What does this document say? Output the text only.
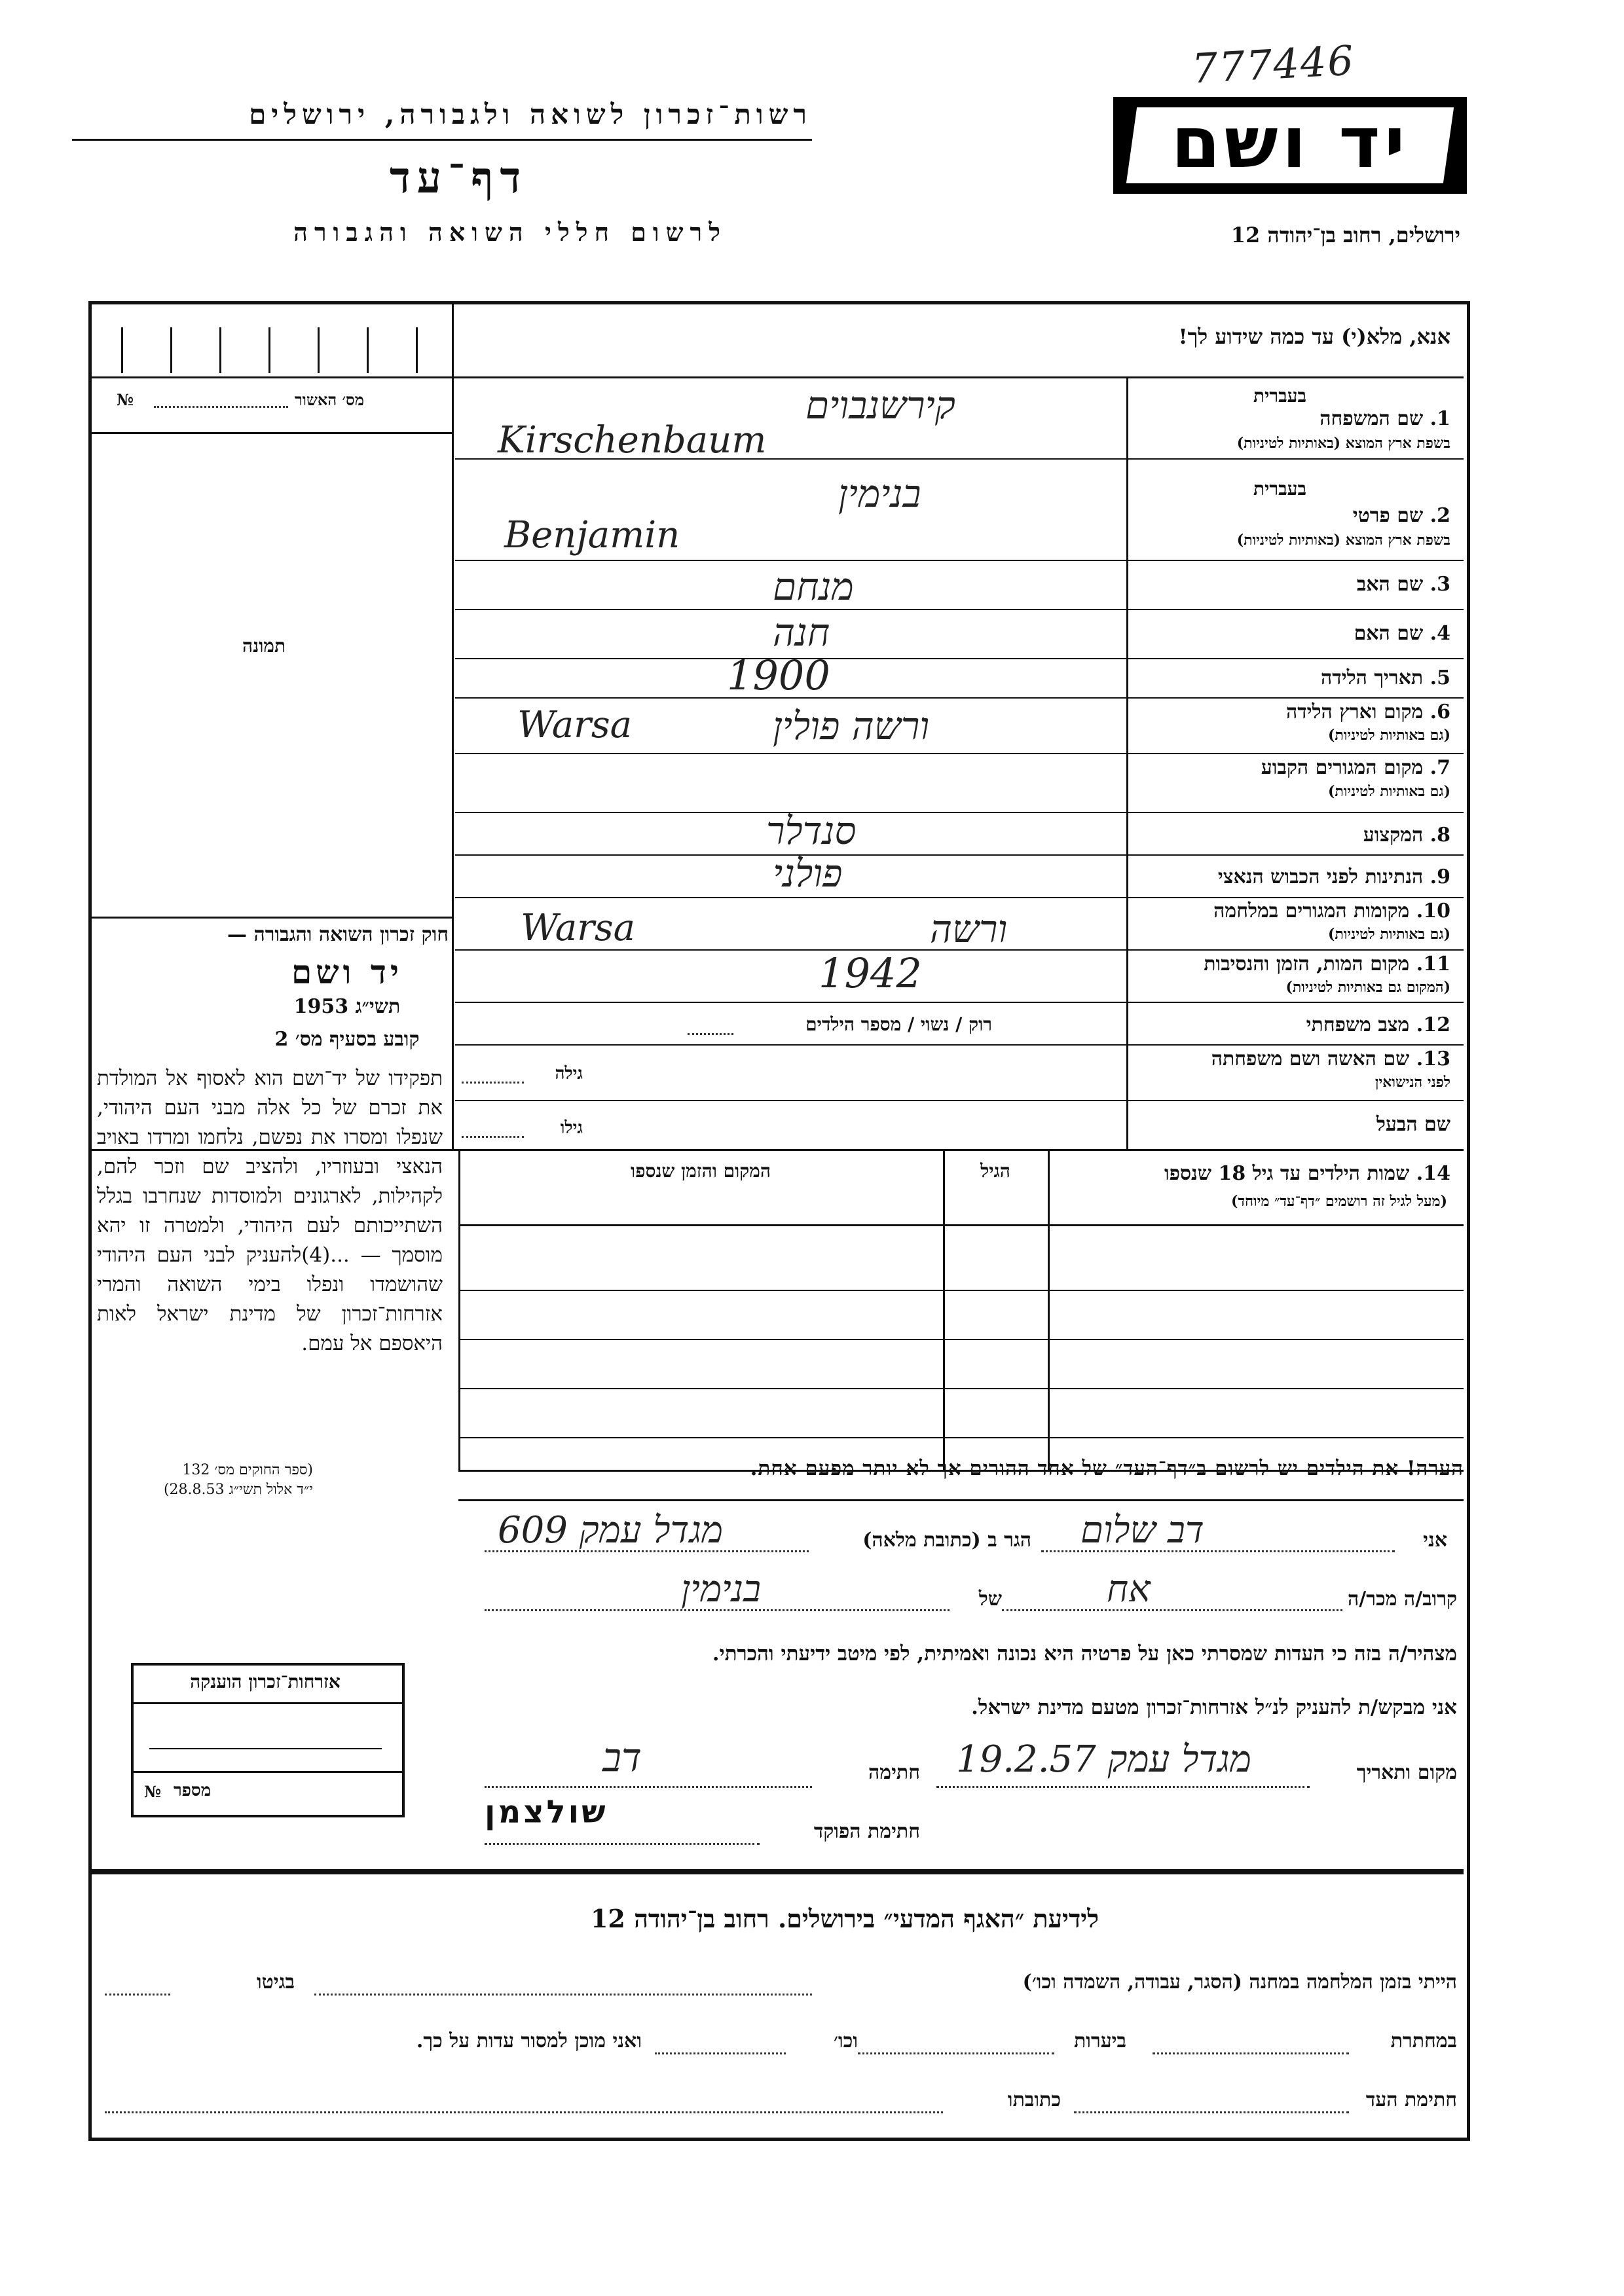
777446
רשות־זכרון לשואה ולגבורה, ירושלים
דף־עד
לרשום חללי השואה והגבורה
יד ושם
ירושלים, רחוב בן־יהודה 12
אנא, מלא(י) עד כמה שידוע לך!
מס׳ האשור
№
תמונה
חוק זכרון השואה והגבורה —
יד ושם
תשי״ג 1953
קובע בסעיף מס׳ 2
תפקידו של יד־ושם הוא לאסוף אל המולדת את זכרם של כל אלה מבני העם היהודי, שנפלו ומסרו את נפשם, נלחמו ומרדו באויב הנאצי ובעוזריו, ולהציב שם וזכר להם, לקהילות, לארגונים ולמוסדות שנחרבו בגלל השתייכותם לעם היהודי, ולמטרה זו יהא מוסמך — ...(4)להעניק לבני העם היהודי שהושמדו ונפלו בימי השואה והמרי אזרחות־זכרון של מדינת ישראל לאות היאספם אל עמם.
(ספר החוקים מס׳ 132
י״ד אלול תשי״ג 28.8.53)
אזרחות־זכרון הוענקה
№ מספר
בעברית
1. שם המשפחה
בשפת ארץ המוצא (באותיות לטיניות)
קירשנבוים
Kirschenbaum
בעברית
2. שם פרטי
בשפת ארץ המוצא (באותיות לטיניות)
בנימין
Benjamin
3. שם האב
מנחם
4. שם האם
חנה
5. תאריך הלידה
1900
6. מקום וארץ הלידה
(גם באותיות לטיניות)
ורשה פולין
Warsa
7. מקום המגורים הקבוע
(גם באותיות לטיניות)
8. המקצוע
סנדלר
9. הנתינות לפני הכבוש הנאצי
פולני
10. מקומות המגורים במלחמה
(גם באותיות לטיניות)
ורשה
Warsa
11. מקום המות, הזמן והנסיבות
(המקום גם באותיות לטיניות)
1942
12. מצב משפחתי
רוק / נשוי / מספר הילדים
13. שם האשה ושם משפחתה
לפני הנישואין
גילה
שם הבעל
גילו
14. שמות הילדים עד גיל 18 שנספו
(מעל לגיל זה רושמים ״דף־עד״ מיוחד)
הגיל
המקום והזמן שנספו
הערה! את הילדים יש לרשום ב״דף־העד״ של אחד ההורים אך לא יותר מפעם אחת.
אני
דב שלום
הגר ב (כתובת מלאה)
מגדל עמק 609
קרוב/ה מכר/ה
אח
של
בנימין
מצהיר/ה בזה כי העדות שמסרתי כאן על פרטיה היא נכונה ואמיתית, לפי מיטב ידיעתי והכרתי.
אני מבקש/ת להעניק לנ״ל אזרחות־זכרון מטעם מדינת ישראל.
מקום ותאריך
מגדל עמק 19.2.57
חתימה
דב
חתימת הפוקד
שולצמן
לידיעת ״האגף המדעי״ בירושלים. רחוב בן־יהודה 12
הייתי בזמן המלחמה במחנה (הסגר, עבודה, השמדה וכו׳)
בגיטו
במחתרת
ביערות
וכו׳
ואני מוכן למסור עדות על כך.
חתימת העד
כתובתו
